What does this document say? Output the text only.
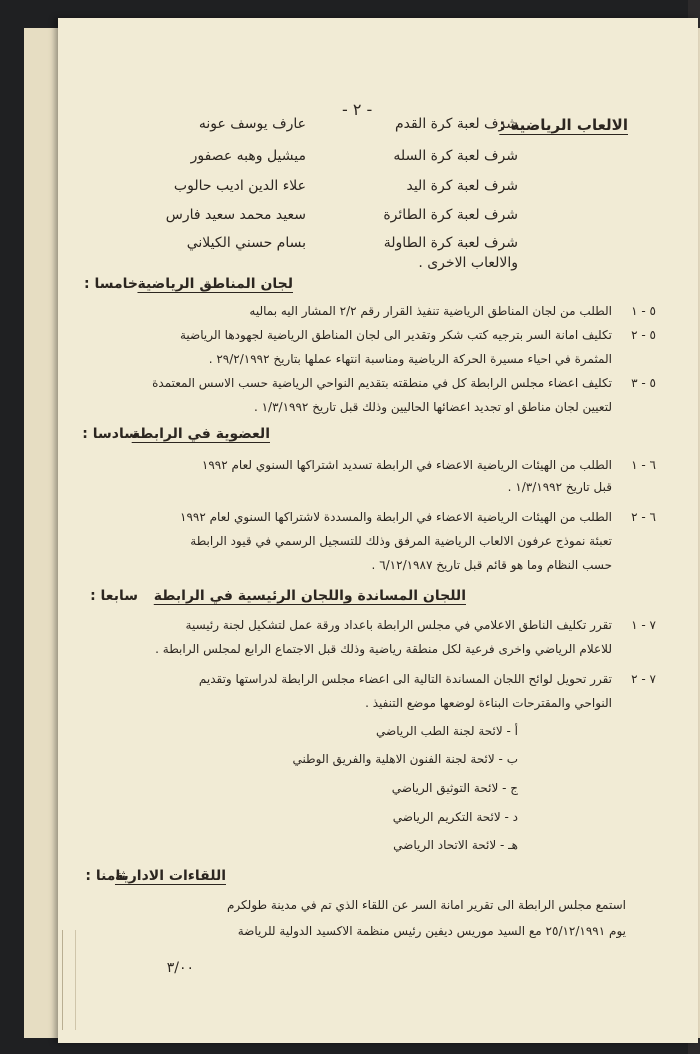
- ٢ -
الالعاب الرياضية :
شرف لعبة كرة القدم
عارف يوسف عونه
شرف لعبة كرة السله
ميشيل وهبه عصفور
شرف لعبة كرة اليد
علاء الدين اديب حالوب
شرف لعبة كرة الطائرة
سعيد محمد سعيد فارس
شرف لعبة كرة الطاولة
بسام حسني الكيلاني
والالعاب الاخرى .
خامسا : لجان المناطق الرياضية
٥ - ١
الطلب من لجان المناطق الرياضية تنفيذ القرار رقم ٢/٢ المشار اليه بماليه
٥ - ٢
تكليف امانة السر بترجيه كتب شكر وتقدير الى لجان المناطق الرياضية لجهودها الرياضية
المثمرة في احياء مسيرة الحركة الرياضية ومناسبة انتهاء عملها بتاريخ ٢٩/٢/١٩٩٢ .
٥ - ٣
تكليف اعضاء مجلس الرابطة كل في منطقته بتقديم النواحي الرياضية حسب الاسس المعتمدة
لتعيين لجان مناطق او تجديد اعضائها الحاليين وذلك قبل تاريخ ١/٣/١٩٩٢ .
سادسا :
العضوية في الرابطة
٦ - ١
الطلب من الهيئات الرياضية الاعضاء في الرابطة تسديد اشتراكها السنوي لعام ١٩٩٢
قبل تاريخ ١/٣/١٩٩٢ .
٦ - ٢
الطلب من الهيئات الرياضية الاعضاء في الرابطة والمسددة لاشتراكها السنوي لعام ١٩٩٢
تعبئة نموذج عرفون الالعاب الرياضية المرفق وذلك للتسجيل الرسمي في قيود الرابطة
حسب النظام وما هو قائم قبل تاريخ ٦/١٢/١٩٨٧ .
سابعا : اللجان المساندة واللجان الرئيسية في الرابطة
٧ - ١
تقرر تكليف الناطق الاعلامي في مجلس الرابطة باعداد ورقة عمل لتشكيل لجنة رئيسية
للاعلام الرياضي واخرى فرعية لكل منطقة رياضية وذلك قبل الاجتماع الرابع لمجلس الرابطة .
٧ - ٢
تقرر تحويل لوائح اللجان المساندة التالية الى اعضاء مجلس الرابطة لدراستها وتقديم
النواحي والمقترحات البناءة لوضعها موضع التنفيذ .
أ - لائحة لجنة الطب الرياضي
ب - لائحة لجنة الفنون الاهلية والفريق الوطني
ج - لائحة التوثيق الرياضي
د - لائحة التكريم الرياضي
هـ - لائحة الاتحاد الرياضي
ثامنا :
اللقاءات الادارية
استمع مجلس الرابطة الى تقرير امانة السر عن اللقاء الذي تم في مدينة طولكرم
يوم ٢٥/١٢/١٩٩١ مع السيد موريس ديفين رئيس منظمة الاكسيد الدولية للرياضة
٣/٠٠
